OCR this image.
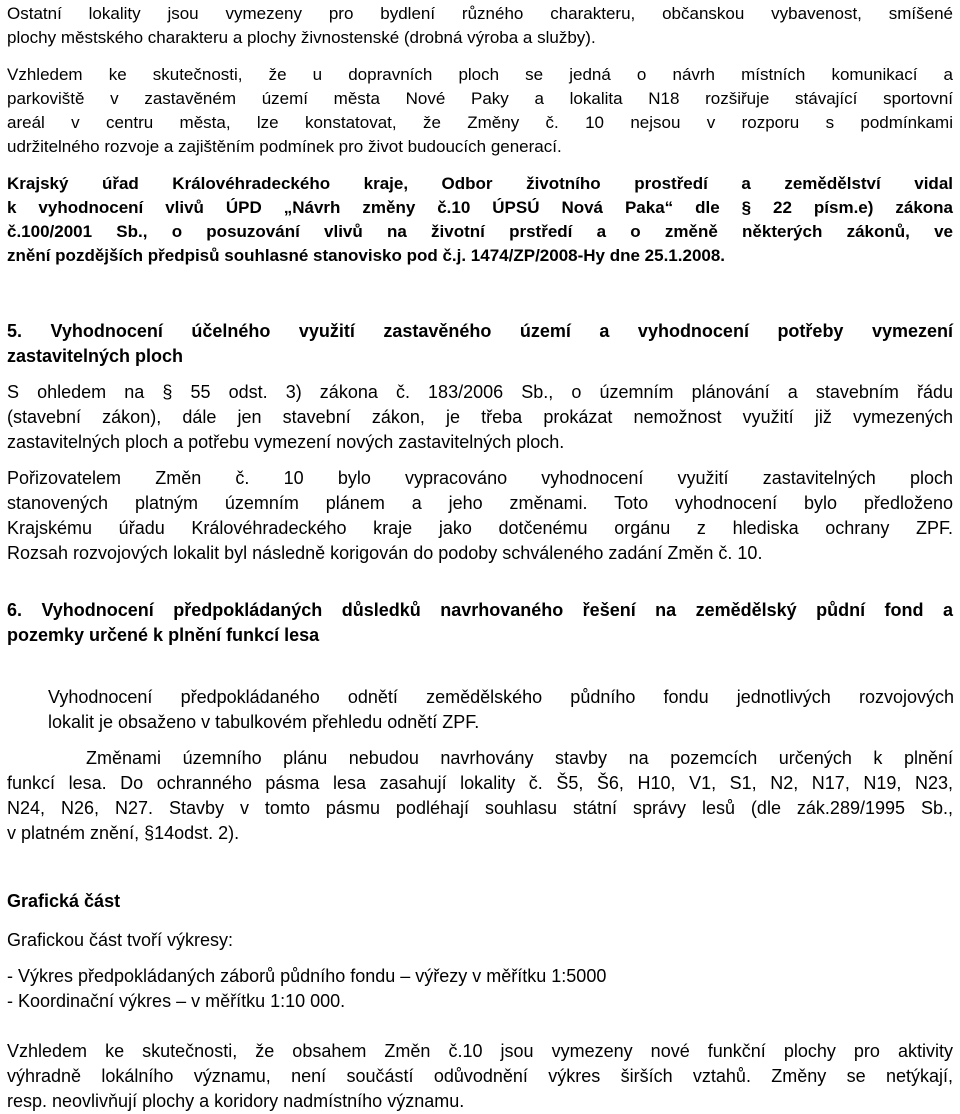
Ostatní lokality jsou vymezeny pro bydlení různého charakteru, občanskou vybavenost, smíšené
plochy městského charakteru a plochy živnostenské (drobná výroba a služby).
Vzhledem ke skutečnosti, že u dopravních ploch se jedná o návrh místních komunikací a
parkoviště v zastavěném území města Nové Paky a lokalita N18 rozšiřuje stávající sportovní
areál v centru města, lze konstatovat, že Změny č. 10 nejsou v rozporu s podmínkami
udržitelného rozvoje a zajištěním podmínek pro život budoucích generací.
Krajský úřad Královéhradeckého kraje, Odbor životního prostředí a zemědělství vidal
k vyhodnocení vlivů ÚPD „Návrh změny č.10 ÚPSÚ Nová Paka“ dle § 22 písm.e) zákona
č.100/2001 Sb., o posuzování vlivů na životní prstředí a o změně některých zákonů, ve
znění pozdějších předpisů souhlasné stanovisko pod č.j. 1474/ZP/2008-Hy dne 25.1.2008.
5. Vyhodnocení účelného využití zastavěného území a vyhodnocení potřeby vymezení
zastavitelných ploch
S ohledem na § 55 odst. 3) zákona č. 183/2006 Sb., o územním plánování a stavebním řádu
(stavební zákon), dále jen stavební zákon, je třeba prokázat nemožnost využití již vymezených
zastavitelných ploch a potřebu vymezení nových zastavitelných ploch.
Pořizovatelem Změn č. 10 bylo vypracováno vyhodnocení využití zastavitelných ploch
stanovených platným územním plánem a jeho změnami. Toto vyhodnocení bylo předloženo
Krajskému úřadu Královéhradeckého kraje jako dotčenému orgánu z hlediska ochrany ZPF.
Rozsah rozvojových lokalit byl následně korigován do podoby schváleného zadání Změn č. 10.
6. Vyhodnocení předpokládaných důsledků navrhovaného řešení na zemědělský půdní fond a
pozemky určené k plnění funkcí lesa
Vyhodnocení předpokládaného odnětí zemědělského půdního fondu jednotlivých rozvojových
lokalit je obsaženo v tabulkovém přehledu odnětí ZPF.
Změnami územního plánu nebudou navrhovány stavby na pozemcích určených k plnění
funkcí lesa. Do ochranného pásma lesa zasahují lokality č. Š5, Š6, H10, V1, S1, N2, N17, N19, N23,
N24, N26, N27. Stavby v tomto pásmu podléhají souhlasu státní správy lesů (dle zák.289/1995 Sb.,
v platném znění, §14odst. 2).
Grafická část
Grafickou část tvoří výkresy:
- Výkres předpokládaných záborů půdního fondu – výřezy v měřítku 1:5000
- Koordinační výkres – v měřítku 1:10 000.
Vzhledem ke skutečnosti, že obsahem Změn č.10 jsou vymezeny nové funkční plochy pro aktivity
výhradně lokálního významu, není součástí odůvodnění výkres širších vztahů. Změny se netýkají,
resp. neovlivňují plochy a koridory nadmístního významu.
